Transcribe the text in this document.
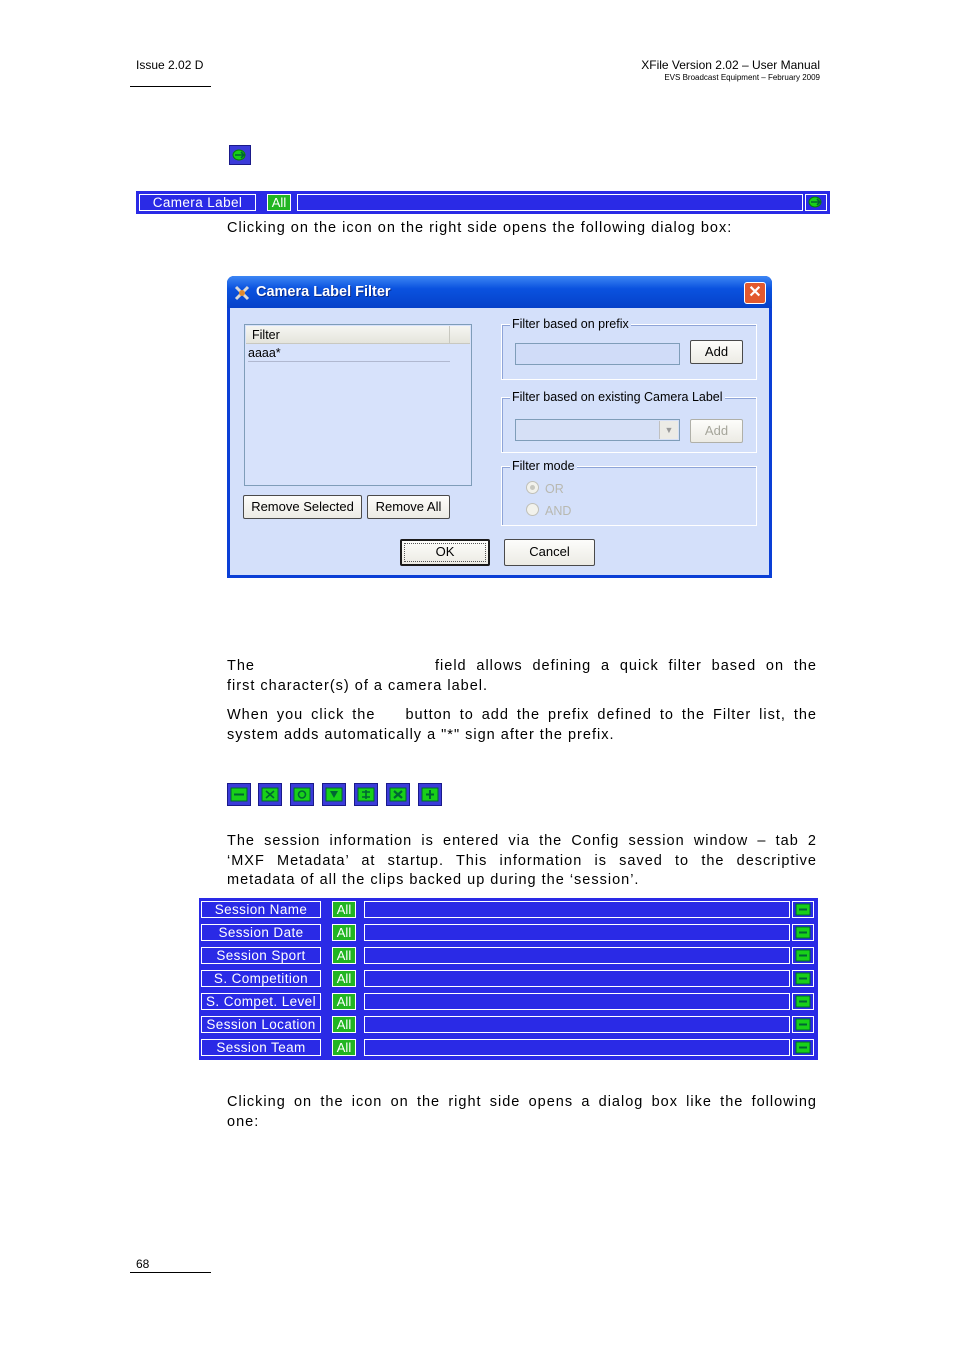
Issue 2.02 D	XFile Version 2.02 – User Manual
EVS Broadcast Equipment – February 2009
Camera Label	All
Clicking on the icon on the right side opens the following dialog box:
Camera Label Filter	✕
Filter
aaaa*
Remove Selected	Remove All
Filter based on prefix
Add
Filter based on existing Camera Label
▼	Add
Filter mode
OR
AND
OK	Cancel
The	field allows defining a quick filter based on the
first character(s) of a camera label.
When you click the button to add the prefix defined to the Filter list, the
system adds automatically a "*" sign after the prefix.
The session information is entered via the Config session window – tab 2
‘MXF Metadata’ at startup. This information is saved to the descriptive
metadata of all the clips backed up during the ‘session’.
Session Name	All
Session Date	All
Session Sport	All
S. Competition	All
S. Compet. Level	All
Session Location	All
Session Team	All
Clicking on the icon on the right side opens a dialog box like the following
one:
68
